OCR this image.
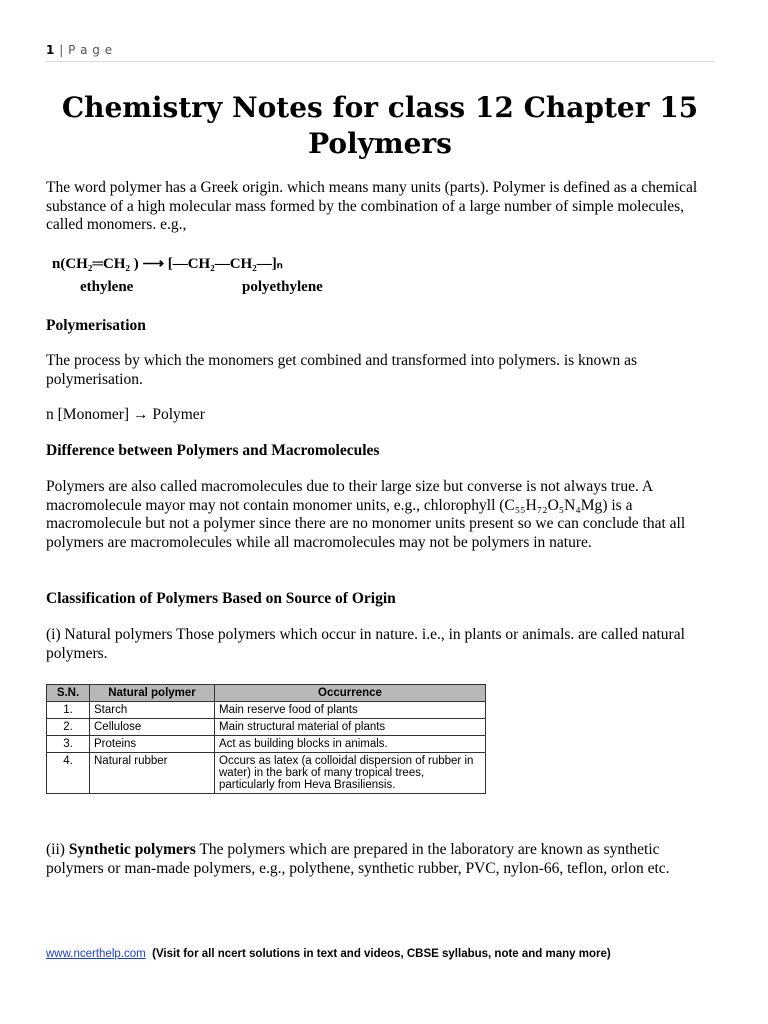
1 | P a g e
Chemistry Notes for class 12 Chapter 15 Polymers

The word polymer has a Greek origin. which means many units (parts). Polymer is defined as a chemical substance of a high molecular mass formed by the combination of a large number of simple molecules, called monomers. e.g.,

n(CH₂═CH₂ ) ⟶ [—CH₂—CH₂—]ₙ
ethylene	polyethylene

Polymerisation

The process by which the monomers get combined and transformed into polymers. is known as polymerisation.

n [Monomer] → Polymer

Difference between Polymers and Macromolecules

Polymers are also called macromolecules due to their large size but converse is not always true. A macromolecule mayor may not contain monomer units, e.g., chlorophyll (C₅₅H₇₂O₅N₄Mg) is a macromolecule but not a polymer since there are no monomer units present so we can conclude that all polymers are macromolecules while all macromolecules may not be polymers in nature.

Classification of Polymers Based on Source of Origin

(i) Natural polymers Those polymers which occur in nature. i.e., in plants or animals. are called natural polymers.

S.N.	Natural polymer	Occurrence
1.	Starch	Main reserve food of plants
2.	Cellulose	Main structural material of plants
3.	Proteins	Act as building blocks in animals.
4.	Natural rubber	Occurs as latex (a colloidal dispersion of rubber in water) in the bark of many tropical trees, particularly from Heva Brasiliensis.

(ii) Synthetic polymers The polymers which are prepared in the laboratory are known as synthetic polymers or man-made polymers, e.g., polythene, synthetic rubber, PVC, nylon-66, teflon, orlon etc.

www.ncerthelp.com (Visit for all ncert solutions in text and videos, CBSE syllabus, note and many more)
